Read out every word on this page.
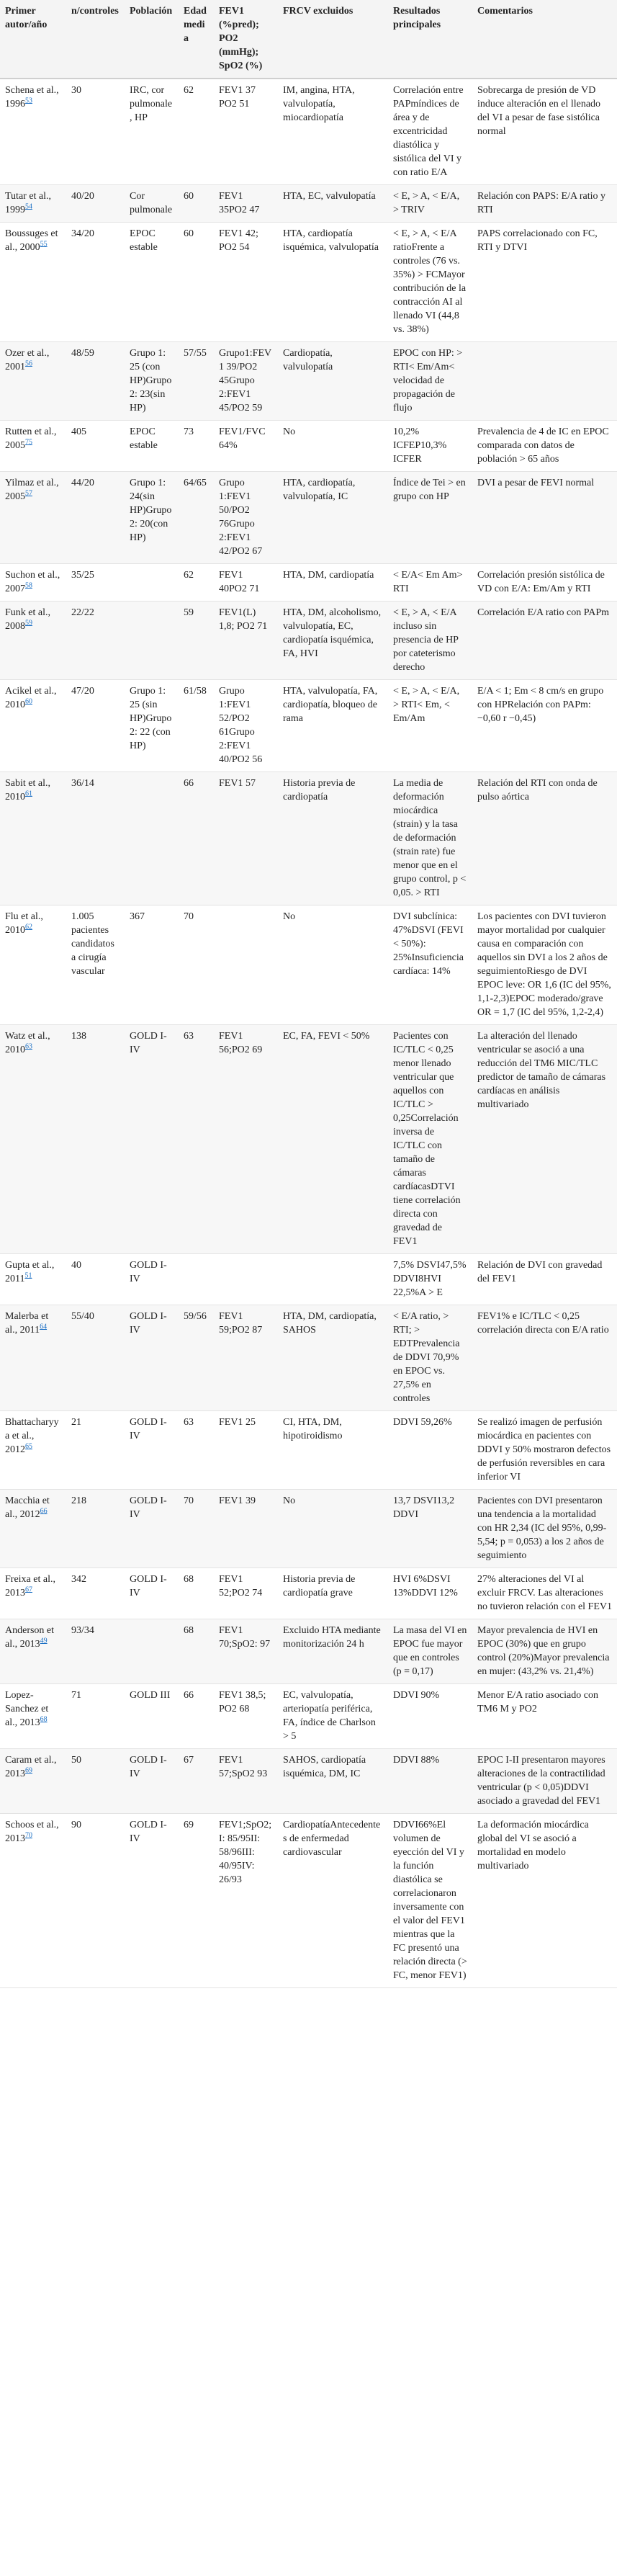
Primer autor/año	n/controles	Población	Edad media	FEV1 (%pred); PO2 (mmHg); SpO2 (%)	FRCV excluidos	Resultados principales	Comentarios
Schena et al., 1996$^{53}$	30	IRC, cor pulmonale, HP	62	FEV1 37 PO2 51	IM, angina, HTA, valvulopatía, miocardiopatía	Correlación entre PAPmíndices de área y de excentricidad diastólica y sistólica del VI y con ratio E/A	Sobrecarga de presión de VD induce alteración en el llenado del VI a pesar de fase sistólica normal
Tutar et al., 1999$^{54}$	40/20	Cor pulmonale	60	FEV1 35PO2 47	HTA, EC, valvulopatía	< E, > A, < E/A, > TRIV	Relación con PAPS: E/A ratio y RTI
Boussuges et al., 2000$^{55}$	34/20	EPOC estable	60	FEV1 42; PO2 54	HTA, cardiopatía isquémica, valvulopatía	< E, > A, < E/A ratioFrente a controles (76 vs. 35%) > FCMayor contribución de la contracción AI al llenado VI (44,8 vs. 38%)	PAPS correlacionado con FC, RTI y DTVI
Ozer et al., 2001$^{56}$	48/59	Grupo 1: 25 (con HP)Grupo 2: 23(sin HP)	57/55	Grupo1:FEV1 39/PO2 45Grupo 2:FEV1 45/PO2 59	Cardiopatía, valvulopatía	EPOC con HP: > RTI< Em/Am< velocidad de propagación de flujo	
Rutten et al., 2005$^{75}$	405	EPOC estable	73	FEV1/FVC 64%	No	10,2% ICFEP10,3% ICFER	Prevalencia de 4 de IC en EPOC comparada con datos de población > 65 años
Yilmaz et al., 2005$^{57}$	44/20	Grupo 1: 24(sin HP)Grupo 2: 20(con HP)	64/65	Grupo 1:FEV1 50/PO2 76Grupo 2:FEV1 42/PO2 67	HTA, cardiopatía, valvulopatía, IC	Índice de Tei > en grupo con HP	DVI a pesar de FEVI normal
Suchon et al., 2007$^{58}$	35/25		62	FEV1 40PO2 71	HTA, DM, cardiopatía	< E/A< Em Am> RTI	Correlación presión sistólica de VD con E/A: Em/Am y RTI
Funk et al., 2008$^{59}$	22/22		59	FEV1(L) 1,8; PO2 71	HTA, DM, alcoholismo, valvulopatía, EC, cardiopatía isquémica, FA, HVI	< E, > A, < E/A incluso sin presencia de HP por cateterismo derecho	Correlación E/A ratio con PAPm
Acikel et al., 2010$^{60}$	47/20	Grupo 1: 25 (sin HP)Grupo 2: 22 (con HP)	61/58	Grupo 1:FEV1 52/PO2 61Grupo 2:FEV1 40/PO2 56	HTA, valvulopatía, FA, cardiopatía, bloqueo de rama	< E, > A, < E/A, > RTI< Em, < Em/Am	E/A < 1; Em < 8 cm/s en grupo con HPRelación con PAPm: −0,60 r −0,45)
Sabit et al., 2010$^{61}$	36/14		66	FEV1 57	Historia previa de cardiopatía	La media de deformación miocárdica (strain) y la tasa de deformación (strain rate) fue menor que en el grupo control, p < 0,05. > RTI	Relación del RTI con onda de pulso aórtica
Flu et al., 2010$^{62}$	1.005 pacientes candidatos a cirugía vascular	367	70		No	DVI subclínica: 47%DSVI (FEVI < 50%): 25%Insuficiencia cardíaca: 14%	Los pacientes con DVI tuvieron mayor mortalidad por cualquier causa en comparación con aquellos sin DVI a los 2 años de seguimientoRiesgo de DVI EPOC leve: OR 1,6 (IC del 95%, 1,1-2,3)EPOC moderado/grave OR = 1,7 (IC del 95%, 1,2-2,4)
Watz et al., 2010$^{63}$	138	GOLD I-IV	63	FEV1 56;PO2 69	EC, FA, FEVI < 50%	Pacientes con IC/TLC < 0,25 menor llenado ventricular que aquellos con IC/TLC > 0,25Correlación inversa de IC/TLC con tamaño de cámaras cardíacasDTVI tiene correlación directa con gravedad de FEV1	La alteración del llenado ventricular se asoció a una reducción del TM6 MIC/TLC predictor de tamaño de cámaras cardíacas en análisis multivariado
Gupta et al., 2011$^{51}$	40	GOLD I-IV				7,5% DSVI47,5% DDVI8HVI 22,5%A > E	Relación de DVI con gravedad del FEV1
Malerba et al., 2011$^{64}$	55/40	GOLD I-IV	59/56	FEV1 59;PO2 87	HTA, DM, cardiopatía, SAHOS	< E/A ratio, > RTI; > EDTPrevalencia de DDVI 70,9% en EPOC vs. 27,5% en controles	FEV1% e IC/TLC < 0,25 correlación directa con E/A ratio
Bhattacharyya et al., 2012$^{65}$	21	GOLD I-IV	63	FEV1 25	CI, HTA, DM, hipotiroidismo	DDVI 59,26%	Se realizó imagen de perfusión miocárdica en pacientes con DDVI y 50% mostraron defectos de perfusión reversibles en cara inferior VI
Macchia et al., 2012$^{66}$	218	GOLD I-IV	70	FEV1 39	No	13,7 DSVI13,2 DDVI	Pacientes con DVI presentaron una tendencia a la mortalidad con HR 2,34 (IC del 95%, 0,99-5,54; p = 0,053) a los 2 años de seguimiento
Freixa et al., 2013$^{67}$	342	GOLD I-IV	68	FEV1 52;PO2 74	Historia previa de cardiopatía grave	HVI 6%DSVI 13%DDVI 12%	27% alteraciones del VI al excluir FRCV. Las alteraciones no tuvieron relación con el FEV1
Anderson et al., 2013$^{49}$	93/34		68	FEV1 70;SpO2: 97	Excluido HTA mediante monitorización 24 h	La masa del VI en EPOC fue mayor que en controles (p = 0,17)	Mayor prevalencia de HVI en EPOC (30%) que en grupo control (20%)Mayor prevalencia en mujer: (43,2% vs. 21,4%)
Lopez-Sanchez et al., 2013$^{68}$	71	GOLD III	66	FEV1 38,5; PO2 68	EC, valvulopatía, arteriopatía periférica, FA, índice de Charlson > 5	DDVI 90%	Menor E/A ratio asociado con TM6 M y PO2
Caram et al., 2013$^{69}$	50	GOLD I-IV	67	FEV1 57;SpO2 93	SAHOS, cardiopatía isquémica, DM, IC	DDVI 88%	EPOC I-II presentaron mayores alteraciones de la contractilidad ventricular (p < 0,05)DDVI asociado a gravedad del FEV1
Schoos et al., 2013$^{70}$	90	GOLD I-IV	69	FEV1;SpO2;I: 85/95II: 58/96III: 40/95IV: 26/93	CardiopatíaAntecedentes de enfermedad cardiovascular	DDVI66%El volumen de eyección del VI y la función diastólica se correlacionaron inversamente con el valor del FEV1 mientras que la FC presentó una relación directa (> FC, menor FEV1)	La deformación miocárdica global del VI se asoció a mortalidad en modelo multivariado
